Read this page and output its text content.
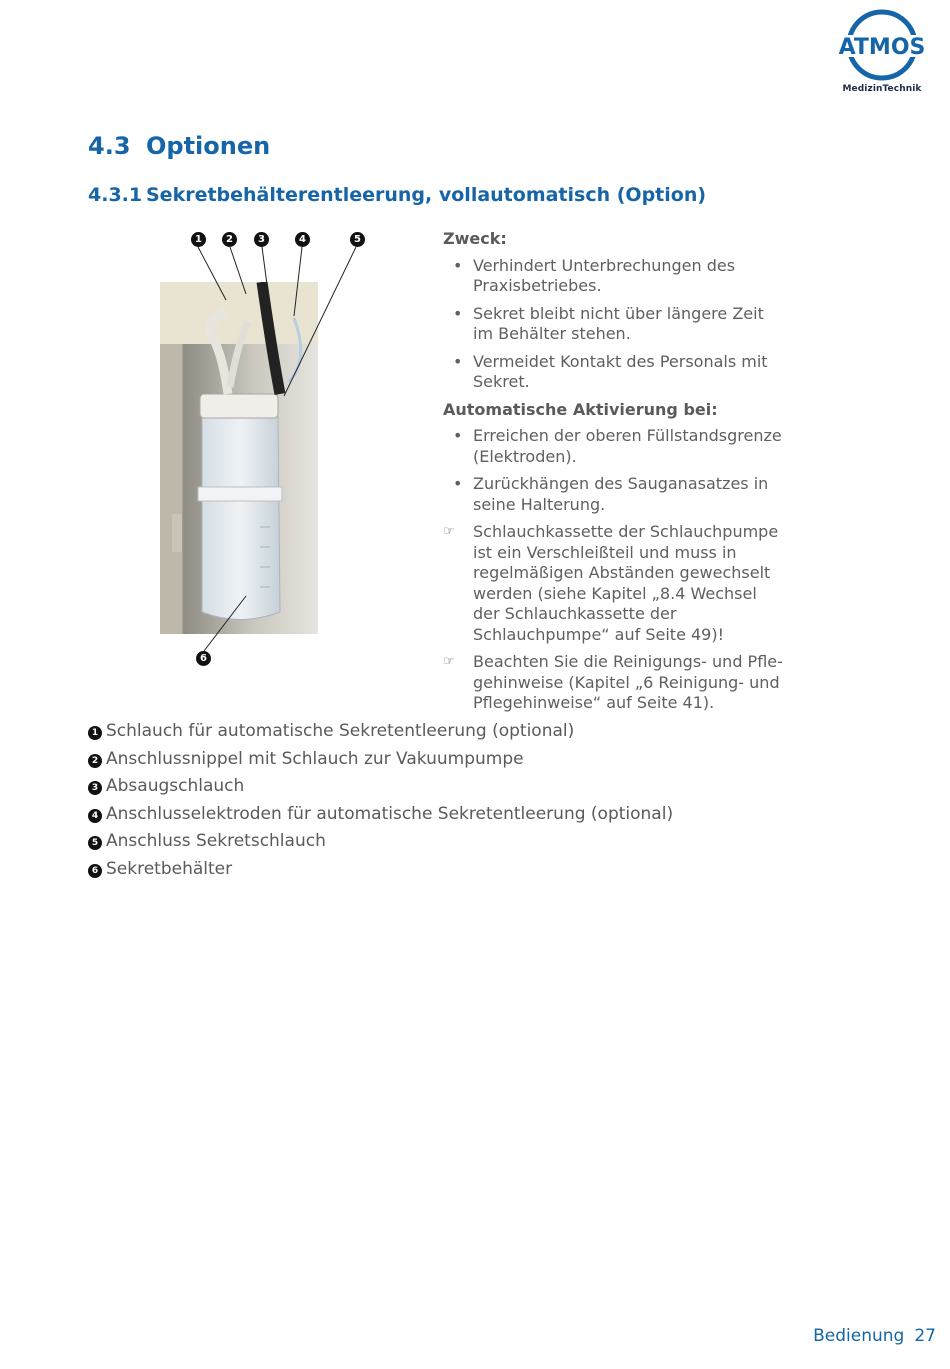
ATMOS
MedizinTechnik
4.3 Optionen
4.3.1 Sekretbehälterentleerung, vollautomatisch (Option)
1	2	3	4	5
6
Zweck:
• Verhindert Unterbrechungen des Praxisbetriebes.
• Sekret bleibt nicht über längere Zeit im Behälter stehen.
• Vermeidet Kontakt des Personals mit Sekret.
Automatische Aktivierung bei:
• Erreichen der oberen Füllstandsgrenze (Elektroden).
• Zurückhängen des Sauganasatzes in seine Halterung.
☞ Schlauchkassette der Schlauchpumpe ist ein Verschleißteil und muss in regelmäßigen Abständen gewechselt werden (siehe Kapitel „8.4 Wechsel der Schlauchkassette der Schlauchpumpe“ auf Seite 49)!
☞ Beachten Sie die Reinigungs- und Pfle-gehinweise (Kapitel „6 Reinigung- und Pflegehinweise“ auf Seite 41).
1 Schlauch für automatische Sekretentleerung (optional)
2 Anschlussnippel mit Schlauch zur Vakuumpumpe
3 Absaugschlauch
4 Anschlusselektroden für automatische Sekretentleerung (optional)
5 Anschluss Sekretschlauch
6 Sekretbehälter
Bedienung 27
